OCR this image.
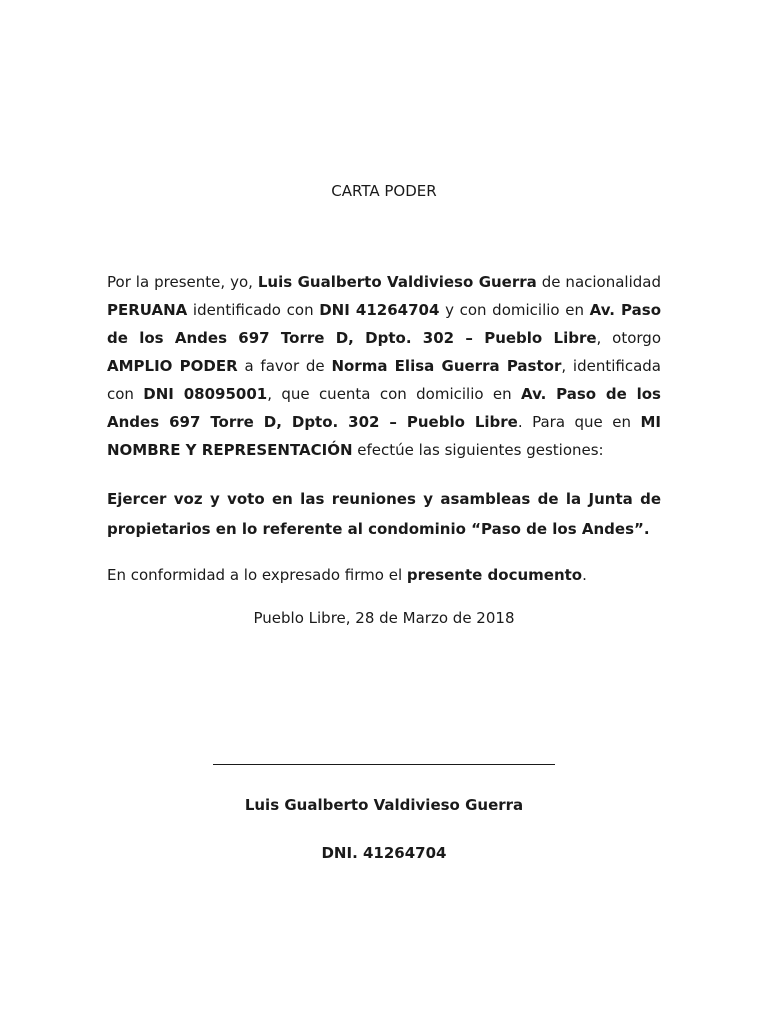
CARTA PODER

Por la presente, yo, Luis Gualberto Valdivieso Guerra de nacionalidad PERUANA identificado con DNI 41264704 y con domicilio en Av. Paso de los Andes 697 Torre D, Dpto. 302 – Pueblo Libre, otorgo AMPLIO PODER a favor de Norma Elisa Guerra Pastor, identificada con DNI 08095001, que cuenta con domicilio en Av. Paso de los Andes 697 Torre D, Dpto. 302 – Pueblo Libre. Para que en MI NOMBRE Y REPRESENTACIÓN efectúe las siguientes gestiones:

Ejercer voz y voto en las reuniones y asambleas de la Junta de propietarios en lo referente al condominio “Paso de los Andes”.

En conformidad a lo expresado firmo el presente documento.

Pueblo Libre, 28 de Marzo de 2018
Luis Gualberto Valdivieso Guerra
DNI. 41264704
